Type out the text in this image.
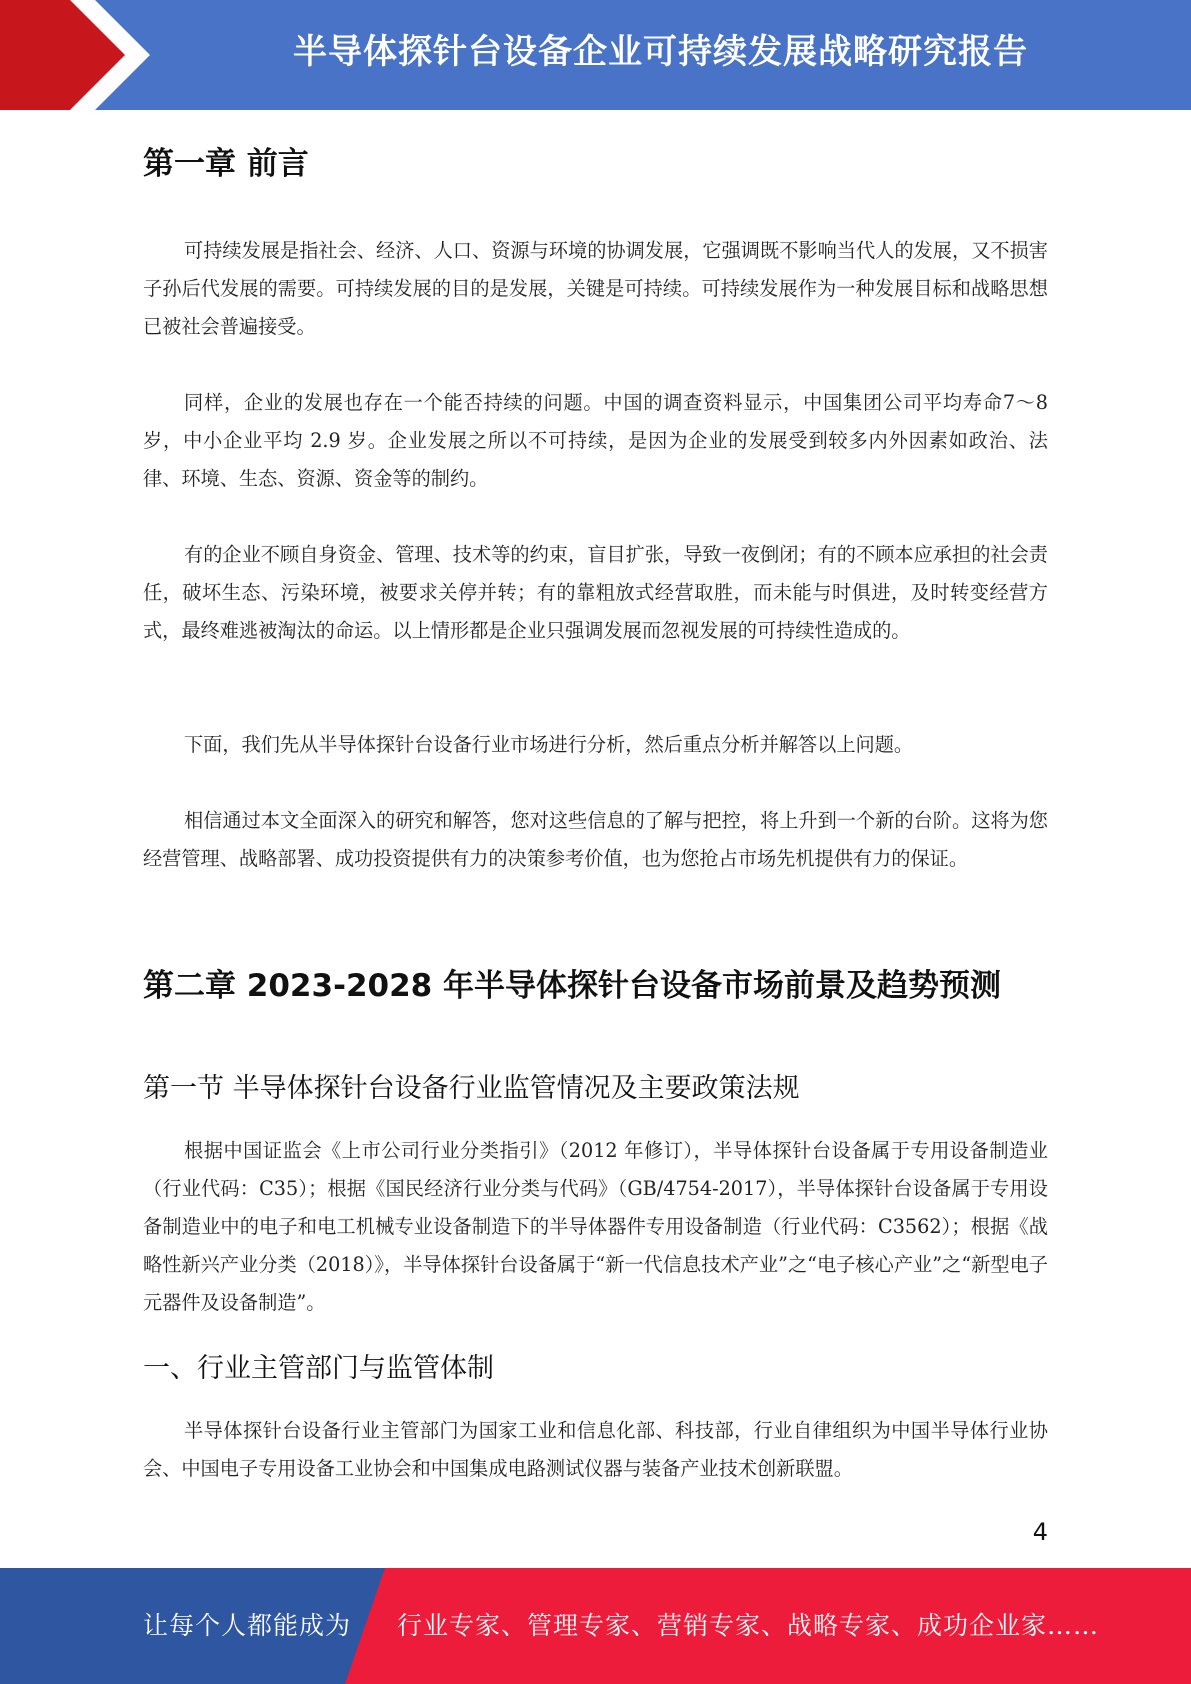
半导体探针台设备企业可持续发展战略研究报告
第一章 前言

可持续发展是指社会、经济、人口、资源与环境的协调发展，它强调既不影响当代人的发展，又不损害子孙后代发展的需要。可持续发展的目的是发展，关键是可持续。可持续发展作为一种发展目标和战略思想已被社会普遍接受。

同样，企业的发展也存在一个能否持续的问题。中国的调查资料显示，中国集团公司平均寿命7～8 岁，中小企业平均 2.9 岁。企业发展之所以不可持续，是因为企业的发展受到较多内外因素如政治、法律、环境、生态、资源、资金等的制约。

有的企业不顾自身资金、管理、技术等的约束，盲目扩张，导致一夜倒闭；有的不顾本应承担的社会责任，破坏生态、污染环境，被要求关停并转；有的靠粗放式经营取胜，而未能与时俱进，及时转变经营方式，最终难逃被淘汰的命运。以上情形都是企业只强调发展而忽视发展的可持续性造成的。

下面，我们先从半导体探针台设备行业市场进行分析，然后重点分析并解答以上问题。

相信通过本文全面深入的研究和解答，您对这些信息的了解与把控，将上升到一个新的台阶。这将为您经营管理、战略部署、成功投资提供有力的决策参考价值，也为您抢占市场先机提供有力的保证。

第二章 2023-2028 年半导体探针台设备市场前景及趋势预测
第一节 半导体探针台设备行业监管情况及主要政策法规

根据中国证监会《上市公司行业分类指引》（2012 年修订），半导体探针台设备属于专用设备制造业（行业代码：C35）；根据《国民经济行业分类与代码》（GB/4754-2017），半导体探针台设备属于专用设备制造业中的电子和电工机械专业设备制造下的半导体器件专用设备制造（行业代码：C3562）；根据《战略性新兴产业分类（2018）》，半导体探针台设备属于“新一代信息技术产业”之“电子核心产业”之“新型电子元器件及设备制造”。

一、行业主管部门与监管体制

半导体探针台设备行业主管部门为国家工业和信息化部、科技部，行业自律组织为中国半导体行业协会、中国电子专用设备工业协会和中国集成电路测试仪器与装备产业技术创新联盟。

4
让每个人都能成为 行业专家、管理专家、营销专家、战略专家、成功企业家……
